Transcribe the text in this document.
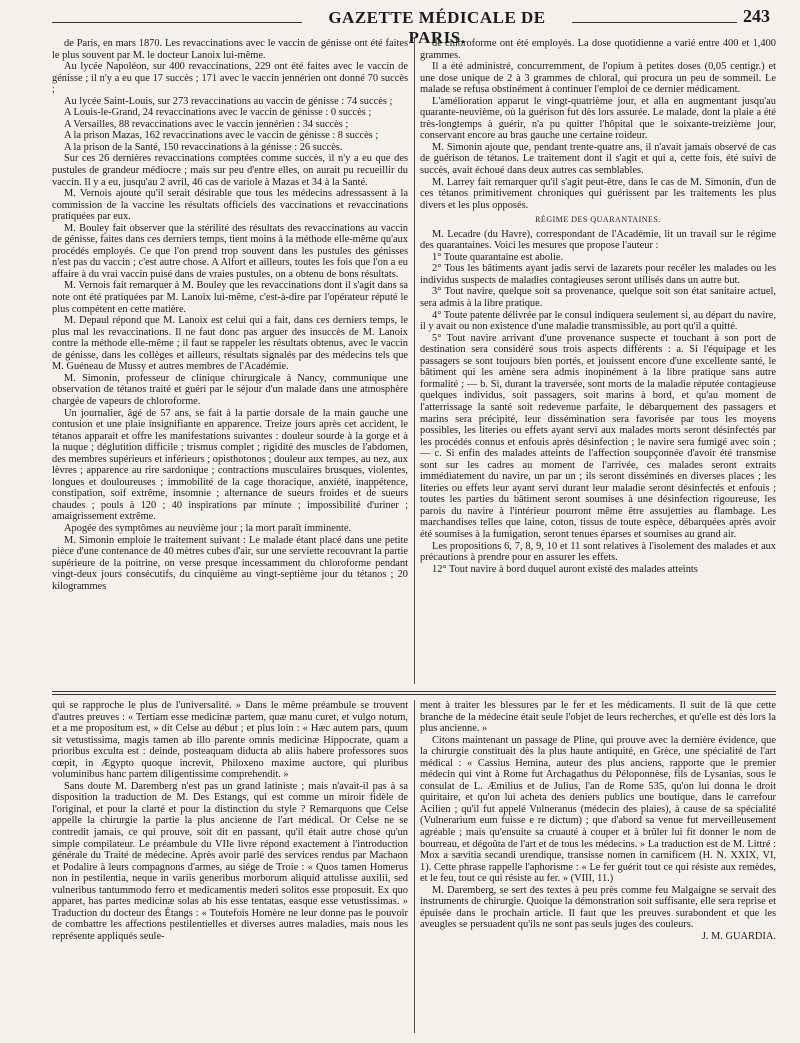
GAZETTE MÉDICALE DE PARIS.
243

de Paris, en mars 1870. Les revaccinations avec le vaccin de génisse ont été faites le plus souvent par M. le docteur Lanoix lui-même.

Au lycée Napoléon, sur 400 revaccinations, 229 ont été faites avec le vaccin de génisse ; il n'y a eu que 17 succès ; 171 avec le vaccin jennérien ont donné 70 succès ;

Au lycée Saint-Louis, sur 273 revaccinations au vaccin de génisse : 74 succès ;

A Louis-le-Grand, 24 revaccinations avec le vaccin de génisse : 0 succès ;

A Versailles, 88 revaccinations avec le vaccin jennérien : 34 succès ;

A la prison Mazas, 162 revaccinations avec le vaccin de génisse : 8 succès ;

A la prison de la Santé, 150 revaccinations à la génisse : 26 succès.

Sur ces 26 dernières revaccinations comptées comme succès, il n'y a eu que des pustules de grandeur médiocre ; mais sur peu d'entre elles, on aurait pu recueillir du vaccin. Il y a eu, jusqu'au 2 avril, 46 cas de variole à Mazas et 34 à la Santé.

M. Vernois ajoute qu'il serait désirable que tous les médecins adressassent à la commission de la vaccine les résultats officiels des vaccinations et revaccinations pratiquées par eux.

M. Bouley fait observer que la stérilité des résultats des revaccinations au vaccin de génisse, faites dans ces derniers temps, tient moins à la méthode elle-même qu'aux procédés employés. Ce que l'on prend trop souvent dans les pustules des génisses n'est pas du vaccin ; c'est autre chose. A Alfort et ailleurs, toutes les fois que l'on a eu affaire à du vrai vaccin puisé dans de vraies pustules, on a obtenu de bons résultats.

M. Vernois fait remarquer à M. Bouley que les revaccinations dont il s'agit dans sa note ont été pratiquées par M. Lanoix lui-même, c'est-à-dire par l'opérateur réputé le plus compétent en cette matière.

M. Depaul répond que M. Lanoix est celui qui a fait, dans ces derniers temps, le plus mal les revaccinations. Il ne faut donc pas arguer des insuccès de M. Lanoix contre la méthode elle-même ; il faut se rappeler les résultats obtenus, avec le vaccin de génisse, dans les collèges et ailleurs, résultats signalés par des médecins tels que M. Guéneau de Mussy et autres membres de l'Académie.

M. Simonin, professeur de clinique chirurgicale à Nancy, communique une observation de tétanos traité et guéri par le séjour d'un malade dans une atmosphère chargée de vapeurs de chloroforme.

Un journalier, âgé de 57 ans, se fait à la partie dorsale de la main gauche une contusion et une plaie insignifiante en apparence. Treize jours après cet accident, le tétanos apparait et offre les manifestations suivantes : douleur sourde à la gorge et à la nuque ; déglutition difficile ; trismus complet ; rigidité des muscles de l'abdomen, des membres supérieurs et inférieurs ; opisthotonos ; douleur aux tempes, au nez, aux lèvres ; apparence au rire sardonique ; contractions musculaires brusques, violentes, longues et douloureuses ; immobilité de la cage thoracique, anxiété, inappétence, constipation, soif extrême, insomnie ; alternance de sueurs froides et de sueurs chaudes ; pouls à 120 ; 40 inspirations par minute ; impossibilité d'uriner ; amaigrissement extrême.

Apogée des symptômes au neuvième jour ; la mort paraît imminente.

M. Simonin emploie le traitement suivant : Le malade étant placé dans une petite pièce d'une contenance de 40 mètres cubes d'air, sur une serviette recouvrant la partie supérieure de la poitrine, on verse presque incessamment du chloroforme pendant vingt-deux jours consécutifs, du cinquième au vingt-septième jour du tétanos ; 20 kilogrammes

de chloroforme ont été employés. La dose quotidienne a varié entre 400 et 1,400 grammes.

Il a été administré, concurremment, de l'opium à petites doses (0,05 centigr.) et une dose unique de 2 à 3 grammes de chloral, qui procura un peu de sommeil. Le malade se refusa obstinément à continuer l'emploi de ce dernier médicament.

L'amélioration apparut le vingt-quatrième jour, et alla en augmentant jusqu'au quarante-neuvième, où la guérison fut dès lors assurée. Le malade, dont la plaie a été très-longtemps à guérir, n'a pu quitter l'hôpital que le soixante-treizième jour, conservant encore au bras gauche une certaine roideur.

M. Simonin ajoute que, pendant trente-quatre ans, il n'avait jamais observé de cas de guérison de tétanos. Le traitement dont il s'agit et qui a, cette fois, été suivi de succès, avait échoué dans deux autres cas semblables.

M. Larrey fait remarquer qu'il s'agit peut-être, dans le cas de M. Simonin, d'un de ces tétanos primitivement chroniques qui guérissent par les traitements les plus divers et les plus opposés.

RÉGIME DES QUARANTAINES.

M. Lecadre (du Havre), correspondant de l'Académie, lit un travail sur le régime des quarantaines. Voici les mesures que propose l'auteur :

1° Toute quarantaine est abolie.

2° Tous les bâtiments ayant jadis servi de lazarets pour recéler les malades ou les individus suspects de maladies contagieuses seront utilisés dans un autre but.

3° Tout navire, quelque soit sa provenance, quelque soit son état sanitaire actuel, sera admis à la libre pratique.

4° Toute patente délivrée par le consul indiquera seulement si, au départ du navire, il y avait ou non existence d'une maladie transmissible, au port qu'il a quitté.

5° Tout navire arrivant d'une provenance suspecte et touchant à son port de destination sera considéré sous trois aspects différents : a. Si l'équipage et les passagers se sont toujours bien portés, et jouissent encore d'une excellente santé, le bâtiment qui les amène sera admis inopinément à la libre pratique sans autre formalité ; — b. Si, durant la traversée, sont morts de la maladie réputée contagieuse quelques individus, soit passagers, soit marins à bord, et qu'au moment de l'atterrissage la santé soit redevenue parfaite, le débarquement des passagers et marins sera précipité, leur dissémination sera favorisée par tous les moyens possibles, les literies ou effets ayant servi aux malades morts seront désinfectés par les procédés connus et enfouis après désinfection ; le navire sera fumigé avec soin ; — c. Si enfin des malades atteints de l'affection soupçonnée d'avoir été transmise sont sur les cadres au moment de l'arrivée, ces malades seront extraits immédiatement du navire, un par un ; ils seront disséminés en diverses places ; les literies ou effets leur ayant servi durant leur maladie seront désinfectés et enfouis ; toutes les parties du bâtiment seront soumises à une désinfection rigoureuse, les parois du navire à l'intérieur pourront même être assujetties au flambage. Les marchandises telles que laine, coton, tissus de toute espèce, débarquées après avoir été soumises à la fumigation, seront tenues éparses et soumises au grand air.

Les propositions 6, 7, 8, 9, 10 et 11 sont relatives à l'isolement des malades et aux précautions à prendre pour en assurer les effets.

12° Tout navire à bord duquel auront existé des malades atteints

qui se rapproche le plus de l'universalité. » Dans le même préambule se trouvent d'autres preuves : « Tertiam esse medicinæ partem, quæ manu curet, et vulgo notum, et a me propositum est, » dit Celse au début ; et plus loin : « Hæc autem pars, quum sit vetustissima, magis tamen ab illo parente omnis medicinæ Hippocrate, quam a prioribus exculta est : deinde, posteaquam diducta ab aliis habere professores suos cœpit, in Ægypto quoque increvit, Philoxeno maxime auctore, qui pluribus voluminibus hanc partem diligentissime comprehendit. »

Sans doute M. Daremberg n'est pas un grand latiniste ; mais n'avait-il pas à sa disposition la traduction de M. Des Estangs, qui est comme un miroir fidèle de l'original, et pour la clarté et pour la distinction du style ? Remarquons que Celse appelle la chirurgie la partie la plus ancienne de l'art médical. Or Celse ne se contredit jamais, ce qui prouve, soit dit en passant, qu'il était autre chose qu'un simple compilateur. Le préambule du VIIe livre répond exactement à l'introduction générale du Traité de médecine. Après avoir parlé des services rendus par Machaon et Podalire à leurs compagnons d'armes, au siége de Troie : « Quos tamen Homerus non in pestilentia, neque in variis generibus morborum aliquid attulisse auxilii, sed vulneribus tantummodo ferro et medicamentis mederi solitos esse proposuit. Ex quo apparet, has partes medicinæ solas ab his esse tentatas, easque esse vetustissimas. » Traduction du docteur des Étangs : « Toutefois Homère ne leur donne pas le pouvoir de combattre les affections pestilentielles et diverses autres maladies, mais nous les représente appliqués seule-

ment à traiter les blessures par le fer et les médicaments. Il suit de là que cette branche de la médecine était seule l'objet de leurs recherches, et qu'elle est dès lors la plus ancienne. »

Citons maintenant un passage de Pline, qui prouve avec la dernière évidence, que la chirurgie constituait dès la plus haute antiquité, en Grèce, une spécialité de l'art médical : « Cassius Hemina, auteur des plus anciens, rapporte que le premier médecin qui vint à Rome fut Archagathus du Péloponnèse, fils de Lysanias, sous le consulat de L. Æmilius et de Julius, l'an de Rome 535, qu'on lui donna le droit quiritaire, et qu'on lui acheta des deniers publics une boutique, dans le carrefour Acilien ; qu'il fut appelé Vulneranus (médecin des plaies), à cause de sa spécialité (Vulnerarium eum fuisse e re dictum) ; que d'abord sa venue fut merveilleusement agréable ; mais qu'ensuite sa cruauté à couper et à brûler lui fit donner le nom de bourreau, et dégoûta de l'art et de tous les médecins. » La traduction est de M. Littré : Mox a sævitia secandi urendique, transisse nomen in carnificem (H. N. XXIX, VI, 1). Cette phrase rappelle l'aphorisme : « Le fer guérit tout ce qui résiste aux remèdes, et le feu, tout ce qui résiste au fer. » (VIII, 11.)

M. Daremberg, se sert des textes à peu près comme feu Malgaigne se servait des instruments de chirurgie. Quoique la démonstration soit suffisante, elle sera reprise et épuisée dans le prochain article. Il faut que les preuves surabondent et que les aveugles se persuadent qu'ils ne sont pas seuls juges des couleurs.

J. M. GUARDIA.
